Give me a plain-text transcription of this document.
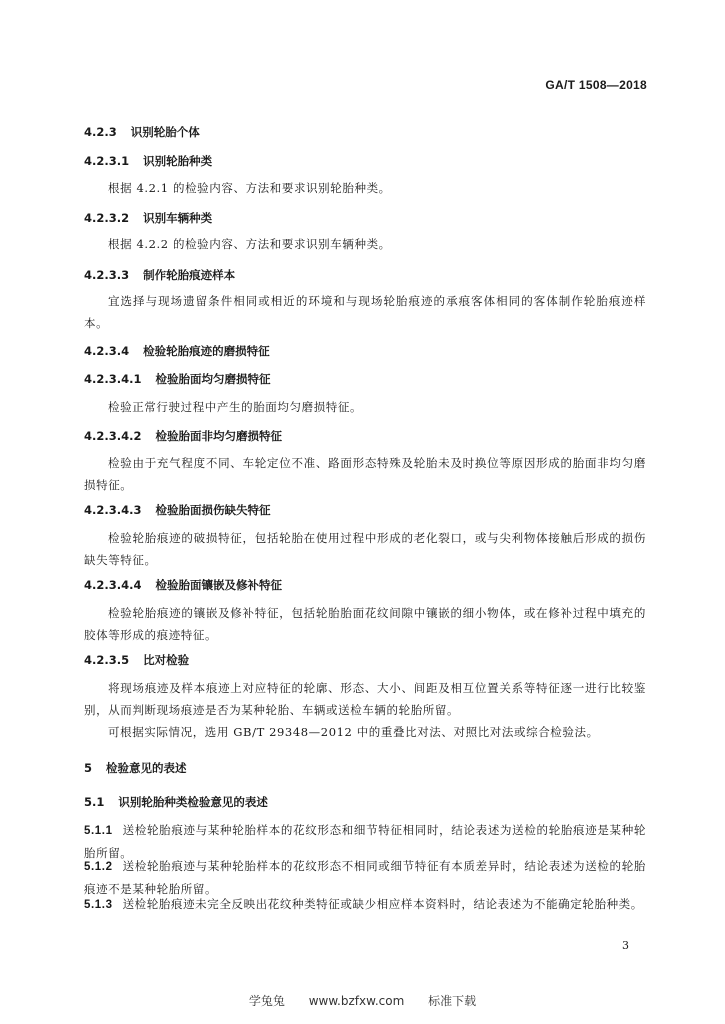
GA/T 1508—2018
4.2.3 识别轮胎个体
4.2.3.1 识别轮胎种类
根据 4.2.1 的检验内容、方法和要求识别轮胎种类。
4.2.3.2 识别车辆种类
根据 4.2.2 的检验内容、方法和要求识别车辆种类。
4.2.3.3 制作轮胎痕迹样本
宜选择与现场遗留条件相同或相近的环境和与现场轮胎痕迹的承痕客体相同的客体制作轮胎痕迹样本。
4.2.3.4 检验轮胎痕迹的磨损特征
4.2.3.4.1 检验胎面均匀磨损特征
检验正常行驶过程中产生的胎面均匀磨损特征。
4.2.3.4.2 检验胎面非均匀磨损特征
检验由于充气程度不同、车轮定位不准、路面形态特殊及轮胎未及时换位等原因形成的胎面非均匀磨损特征。
4.2.3.4.3 检验胎面损伤缺失特征
检验轮胎痕迹的破损特征，包括轮胎在使用过程中形成的老化裂口，或与尖利物体接触后形成的损伤缺失等特征。
4.2.3.4.4 检验胎面镶嵌及修补特征
检验轮胎痕迹的镶嵌及修补特征，包括轮胎胎面花纹间隙中镶嵌的细小物体，或在修补过程中填充的胶体等形成的痕迹特征。
4.2.3.5 比对检验
将现场痕迹及样本痕迹上对应特征的轮廓、形态、大小、间距及相互位置关系等特征逐一进行比较鉴别，从而判断现场痕迹是否为某种轮胎、车辆或送检车辆的轮胎所留。
可根据实际情况，选用 GB/T 29348—2012 中的重叠比对法、对照比对法或综合检验法。
5 检验意见的表述
5.1 识别轮胎种类检验意见的表述
5.1.1 送检轮胎痕迹与某种轮胎样本的花纹形态和细节特征相同时，结论表述为送检的轮胎痕迹是某种轮胎所留。
5.1.2 送检轮胎痕迹与某种轮胎样本的花纹形态不相同或细节特征有本质差异时，结论表述为送检的轮胎痕迹不是某种轮胎所留。
5.1.3 送检轮胎痕迹未完全反映出花纹种类特征或缺少相应样本资料时，结论表述为不能确定轮胎种类。
3
学兔兔 www.bzfxw.com 标准下载
